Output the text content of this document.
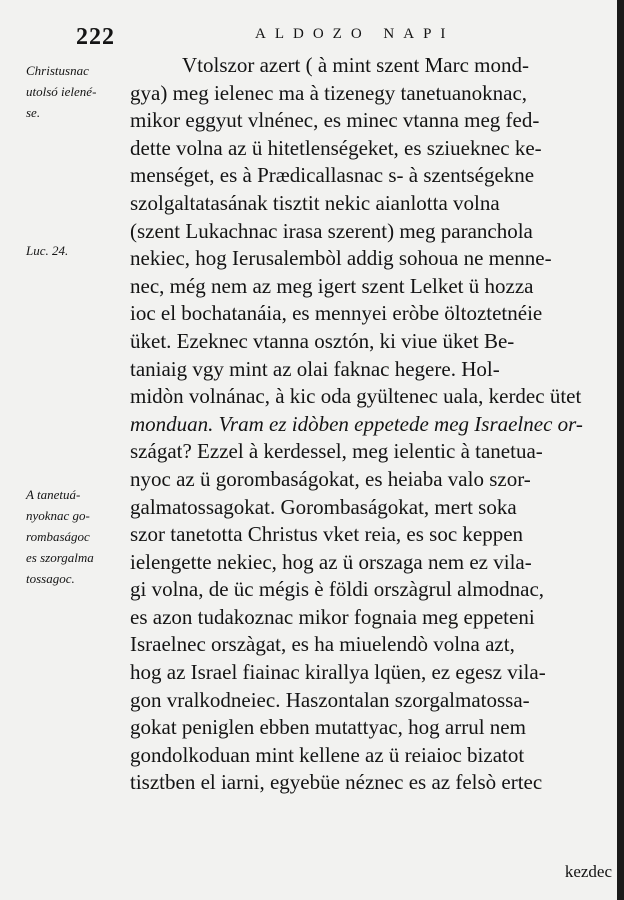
222	ALDOZO NAPI
Christusnac
utolsó ielené-
se.
Luc. 24.
A tanetuá-
nyoknac go-
rombaságoc
es szorgalma
tossagoc.
Vtolszor azert ( à mint szent Marc mond-
gya) meg ielenec ma à tizenegy tanetuanoknac,
mikor eggyut vlnénec, es minec vtanna meg fed-
dette volna az ü hitetlenségeket, es sziueknec ke-
menséget, es à Prædicallasnac s- à szentségekne
szolgaltatasának tisztit nekic aianlotta volna
(szent Lukachnac irasa szerent) meg paranchola
nekiec, hog Ierusalembòl addig sohoua ne menne-
nec, még nem az meg igert szent Lelket ü hozza
ioc el bochatanáia, es mennyei eròbe öltoztetnéie
üket. Ezeknec vtanna osztón, ki viue üket Be-
taniaig vgy mint az olai faknac hegere. Hol-
midòn volnánac, à kic oda gyültenec uala, kerdec ütet
monduan. Vram ez idòben eppetede meg Israelnec or-
szágat? Ezzel à kerdessel, meg ielentic à tanetua-
nyoc az ü gorombaságokat, es heiaba valo szor-
galmatossagokat. Gorombaságokat, mert soka
szor tanetotta Christus vket reia, es soc keppen
ielengette nekiec, hog az ü orszaga nem ez vila-
gi volna, de üc mégis è földi orszàgrul almodnac,
es azon tudakoznac mikor fognaia meg eppeteni
Israelnec orszàgat, es ha miuelendò volna azt,
hog az Israel fiainac kirallya lqüen, ez egesz vila-
gon vralkodneiec. Haszontalan szorgalmatossa-
gokat peniglen ebben mutattyac, hog arrul nem
gondolkoduan mint kellene az ü reiaioc bizatot
tisztben el iarni, egyebüe néznec es az felsò ertec
kezdec
